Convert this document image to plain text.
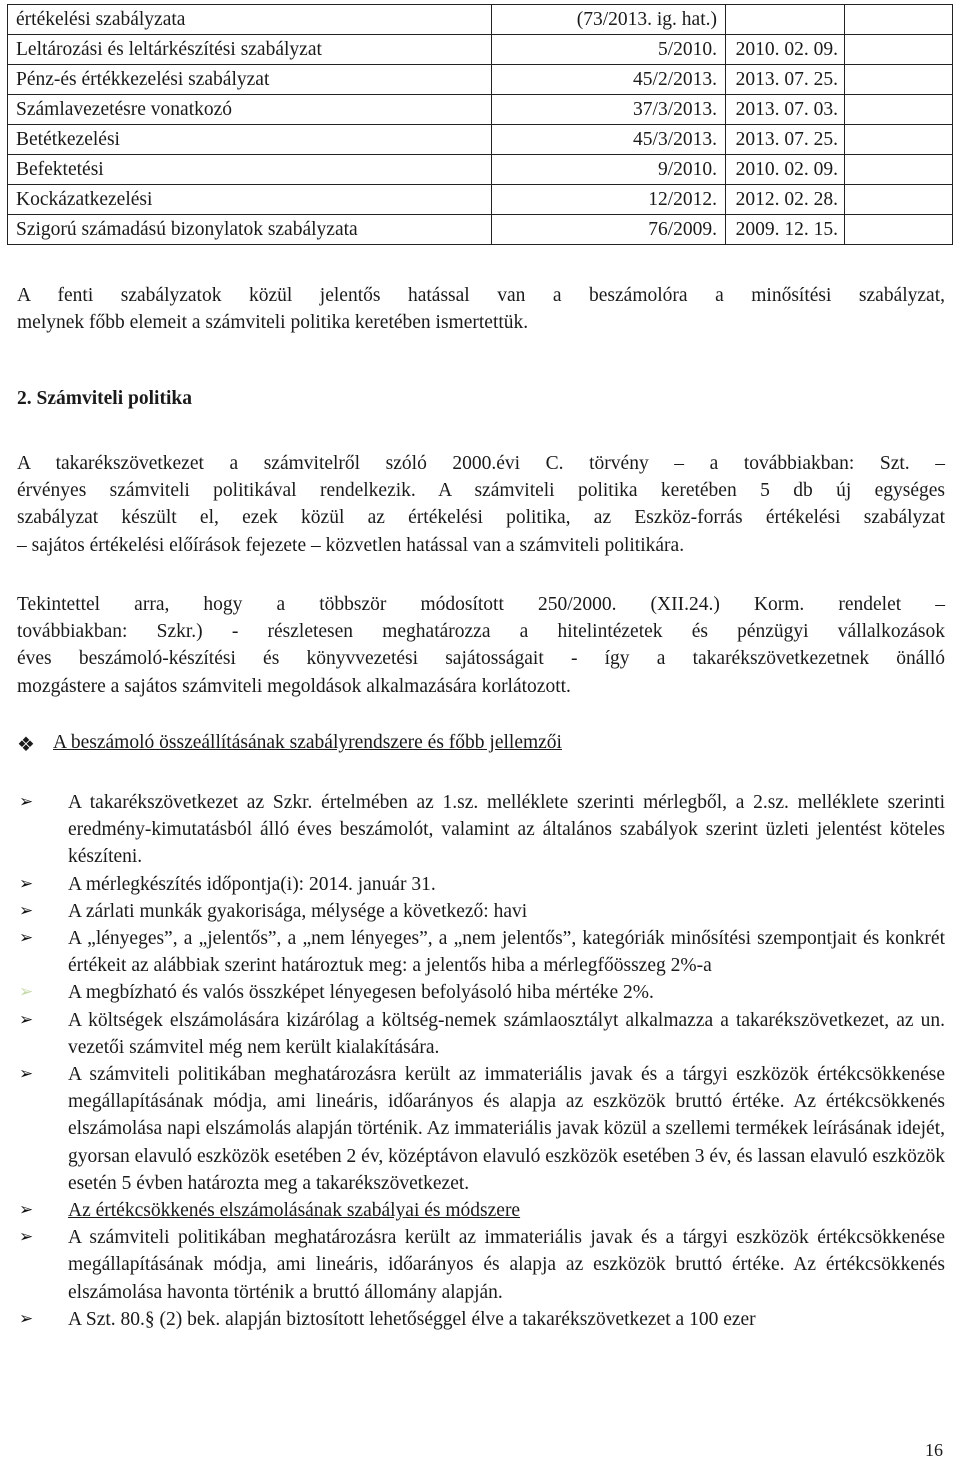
értékelési szabályzata	(73/2013. ig. hat.)		
Leltározási és leltárkészítési szabályzat	5/2010.	2010. 02. 09.	
Pénz-és értékkezelési szabályzat	45/2/2013.	2013. 07. 25.	
Számlavezetésre vonatkozó	37/3/2013.	2013. 07. 03.	
Betétkezelési	45/3/2013.	2013. 07. 25.	
Befektetési	9/2010.	2010. 02. 09.	
Kockázatkezelési	12/2012.	2012. 02. 28.	
Szigorú számadású bizonylatok szabályzata	76/2009.	2009. 12. 15.	
A fenti szabályzatok közül jelentős hatással van a beszámolóra a minősítési szabályzat,
melynek főbb elemeit a számviteli politika keretében ismertettük.
2. Számviteli politika
A takarékszövetkezet a számvitelről szóló 2000.évi C. törvény – a továbbiakban: Szt. –
érvényes számviteli politikával rendelkezik. A számviteli politika keretében 5 db új egységes
szabályzat készült el, ezek közül az értékelési politika, az Eszköz-forrás értékelési szabályzat
– sajátos értékelési előírások fejezete – közvetlen hatással van a számviteli politikára.
Tekintettel arra, hogy a többször módosított 250/2000. (XII.24.) Korm. rendelet –
továbbiakban: Szkr.) - részletesen meghatározza a hitelintézetek és pénzügyi vállalkozások
éves beszámoló-készítési és könyvvezetési sajátosságait - így a takarékszövetkezetnek önálló
mozgástere a sajátos számviteli megoldások alkalmazására korlátozott.
❖ A beszámoló összeállításának szabályrendszere és főbb jellemzői
➢ A takarékszövetkezet az Szkr. értelmében az 1.sz. melléklete szerinti mérlegből, a 2.sz. melléklete szerinti eredmény-kimutatásból álló éves beszámolót, valamint az általános szabályok szerint üzleti jelentést köteles készíteni.
➢ A mérlegkészítés időpontja(i): 2014. január 31.
➢ A zárlati munkák gyakorisága, mélysége a következő: havi
➢ A „lényeges”, a „jelentős”, a „nem lényeges”, a „nem jelentős”, kategóriák minősítési szempontjait és konkrét értékeit az alábbiak szerint határoztuk meg: a jelentős hiba a mérlegfőösszeg 2%-a
➢ A megbízható és valós összképet lényegesen befolyásoló hiba mértéke 2%.
➢ A költségek elszámolására kizárólag a költség-nemek számlaosztályt alkalmazza a takarékszövetkezet, az un. vezetői számvitel még nem került kialakítására.
➢ A számviteli politikában meghatározásra került az immateriális javak és a tárgyi eszközök értékcsökkenése megállapításának módja, ami lineáris, időarányos és alapja az eszközök bruttó értéke. Az értékcsökkenés elszámolása napi elszámolás alapján történik. Az immateriális javak közül a szellemi termékek leírásának idejét, gyorsan elavuló eszközök esetében 2 év, középtávon elavuló eszközök esetében 3 év, és lassan elavuló eszközök esetén 5 évben határozta meg a takarékszövetkezet.
➢ Az értékcsökkenés elszámolásának szabályai és módszere
➢ A számviteli politikában meghatározásra került az immateriális javak és a tárgyi eszközök értékcsökkenése megállapításának módja, ami lineáris, időarányos és alapja az eszközök bruttó értéke. Az értékcsökkenés elszámolása havonta történik a bruttó állomány alapján.
➢ A Szt. 80.§ (2) bek. alapján biztosított lehetőséggel élve a takarékszövetkezet a 100 ezer
16
